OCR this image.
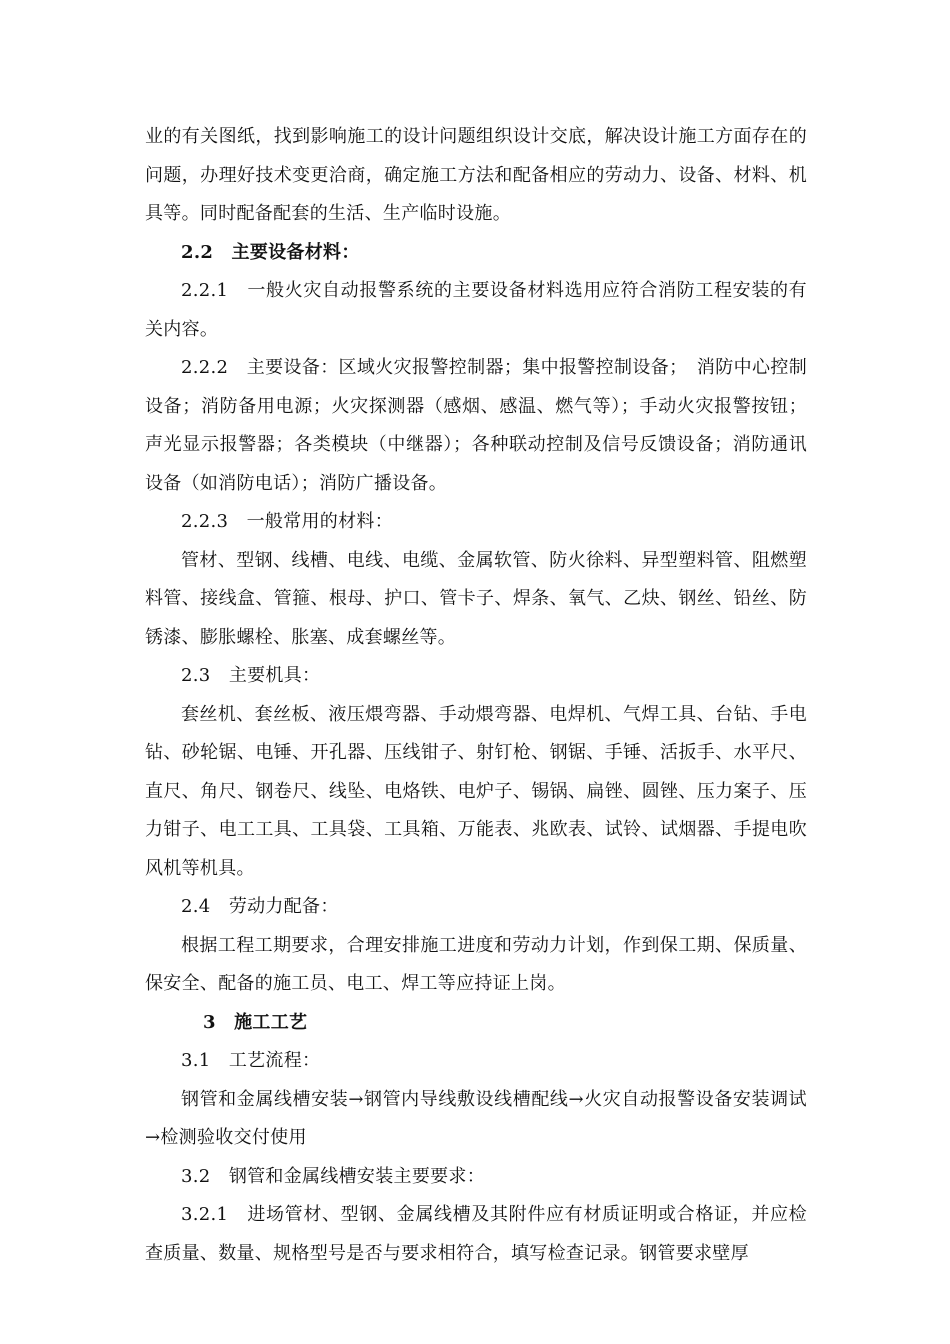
业的有关图纸，找到影响施工的设计问题组织设计交底，解决设计施工方面存在的问题，办理好技术变更洽商，确定施工方法和配备相应的劳动力、设备、材料、机具等。同时配备配套的生活、生产临时设施。

2.2　主要设备材料：

2.2.1　一般火灾自动报警系统的主要设备材料选用应符合消防工程安装的有关内容。

2.2.2　主要设备：区域火灾报警控制器；集中报警控制设备；　消防中心控制设备；消防备用电源；火灾探测器（感烟、感温、燃气等）；手动火灾报警按钮；声光显示报警器；各类模块（中继器）；各种联动控制及信号反馈设备；消防通讯设备（如消防电话）；消防广播设备。

2.2.3　一般常用的材料：

管材、型钢、线槽、电线、电缆、金属软管、防火徐料、异型塑料管、阻燃塑料管、接线盒、管箍、根母、护口、管卡子、焊条、氧气、乙炔、钢丝、铅丝、防锈漆、膨胀螺栓、胀塞、成套螺丝等。

2.3　主要机具：

套丝机、套丝板、液压煨弯器、手动煨弯器、电焊机、气焊工具、台钻、手电钻、砂轮锯、电锤、开孔器、压线钳子、射钉枪、钢锯、手锤、活扳手、水平尺、直尺、角尺、钢卷尺、线坠、电烙铁、电炉子、锡锅、扁锉、圆锉、压力案子、压力钳子、电工工具、工具袋、工具箱、万能表、兆欧表、试铃、试烟器、手提电吹风机等机具。

2.4　劳动力配备：

根据工程工期要求，合理安排施工进度和劳动力计划，作到保工期、保质量、保安全、配备的施工员、电工、焊工等应持证上岗。

3　施工工艺

3.1　工艺流程：

钢管和金属线槽安装→钢管内导线敷设线槽配线→火灾自动报警设备安装调试→检测验收交付使用

3.2　钢管和金属线槽安装主要要求：

3.2.1　进场管材、型钢、金属线槽及其附件应有材质证明或合格证，并应检查质量、数量、规格型号是否与要求相符合，填写检查记录。钢管要求壁厚
